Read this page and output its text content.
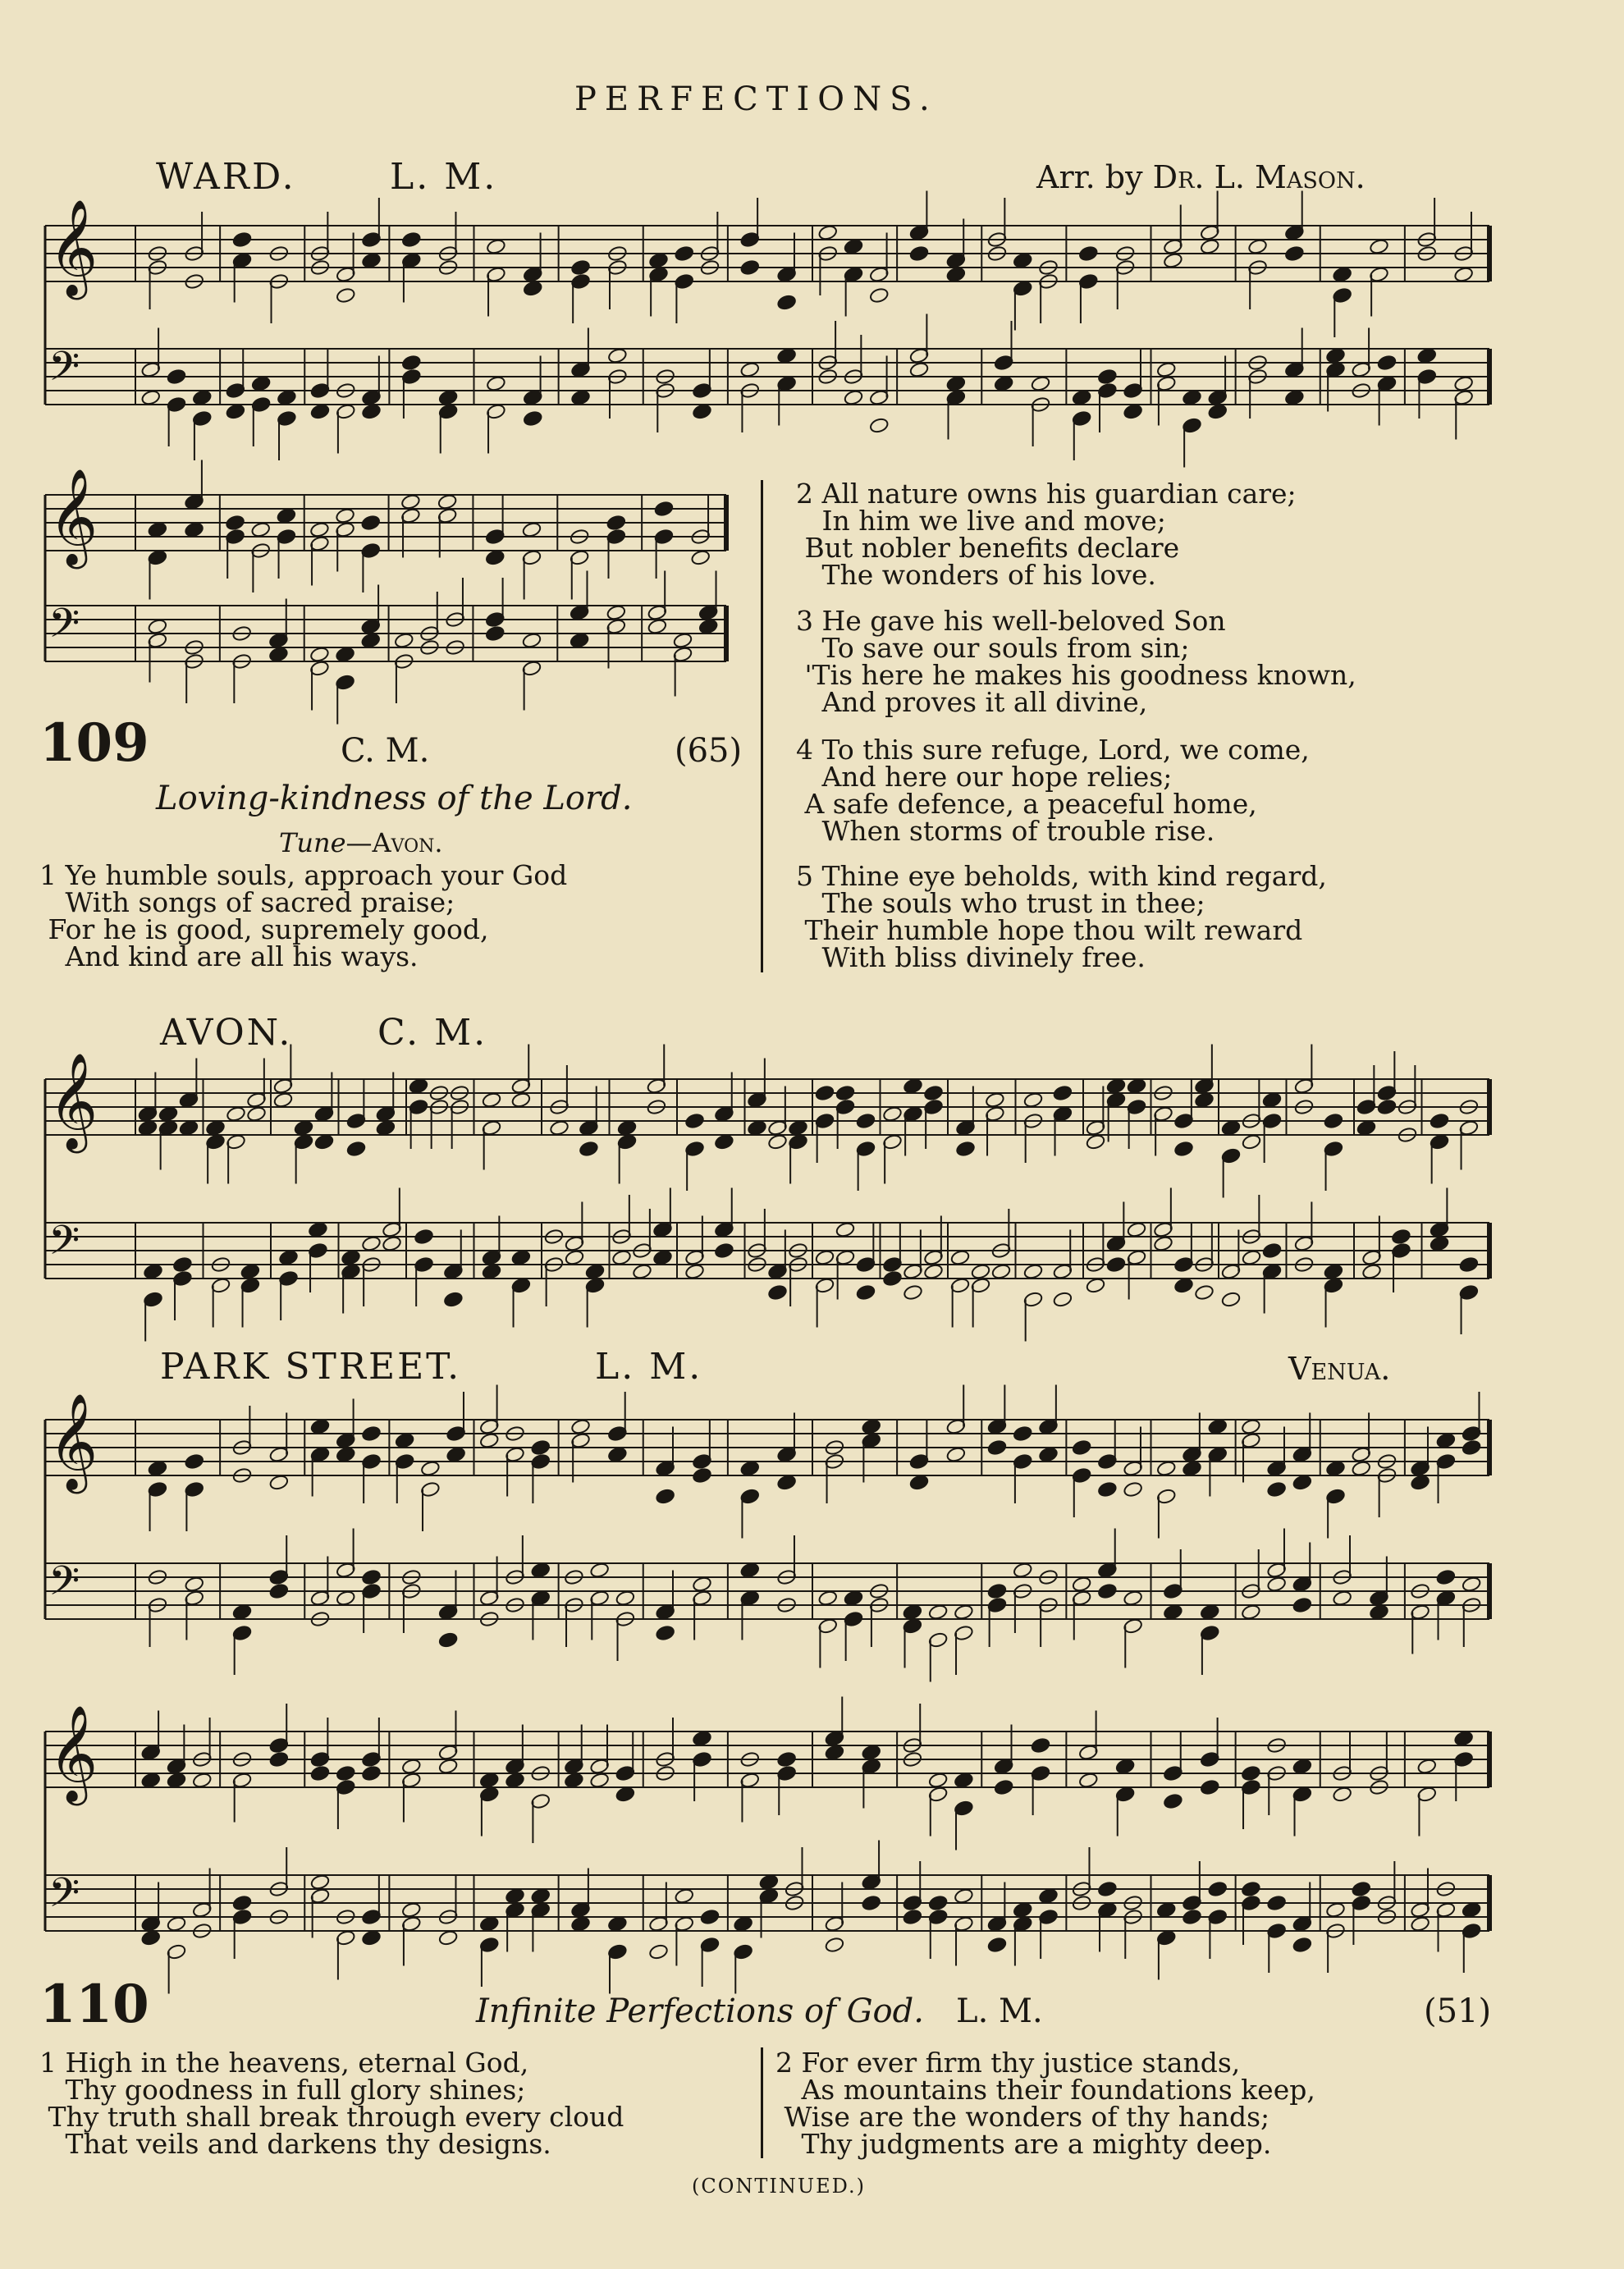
PERFECTIONS.
WARD.	L. M.	Arr. by Dr. L. Mason.
𝄞
𝄢
𝄞
𝄢
109	C. M.	(65)
Loving-kindness of the Lord.
Tune—Avon.
1 Ye humble souls, approach your God
With songs of sacred praise;
For he is good, supremely good,
And kind are all his ways.
2 All nature owns his guardian care;
In him we live and move;
But nobler benefits declare
The wonders of his love.
3 He gave his well-beloved Son
To save our souls from sin;
'Tis here he makes his goodness known,
And proves it all divine,
4 To this sure refuge, Lord, we come,
And here our hope relies;
A safe defence, a peaceful home,
When storms of trouble rise.
5 Thine eye beholds, with kind regard,
The souls who trust in thee;
Their humble hope thou wilt reward
With bliss divinely free.
AVON. C. M.
𝄞
𝄢
PARK STREET.	L. M.	Venua.
𝄞
𝄢
𝄞
𝄢
110	Infinite Perfections of God. L. M.	(51)
1 High in the heavens, eternal God,
Thy goodness in full glory shines;
Thy truth shall break through every cloud
That veils and darkens thy designs.
2 For ever firm thy justice stands,
As mountains their foundations keep,
Wise are the wonders of thy hands;
Thy judgments are a mighty deep.
(CONTINUED.)
